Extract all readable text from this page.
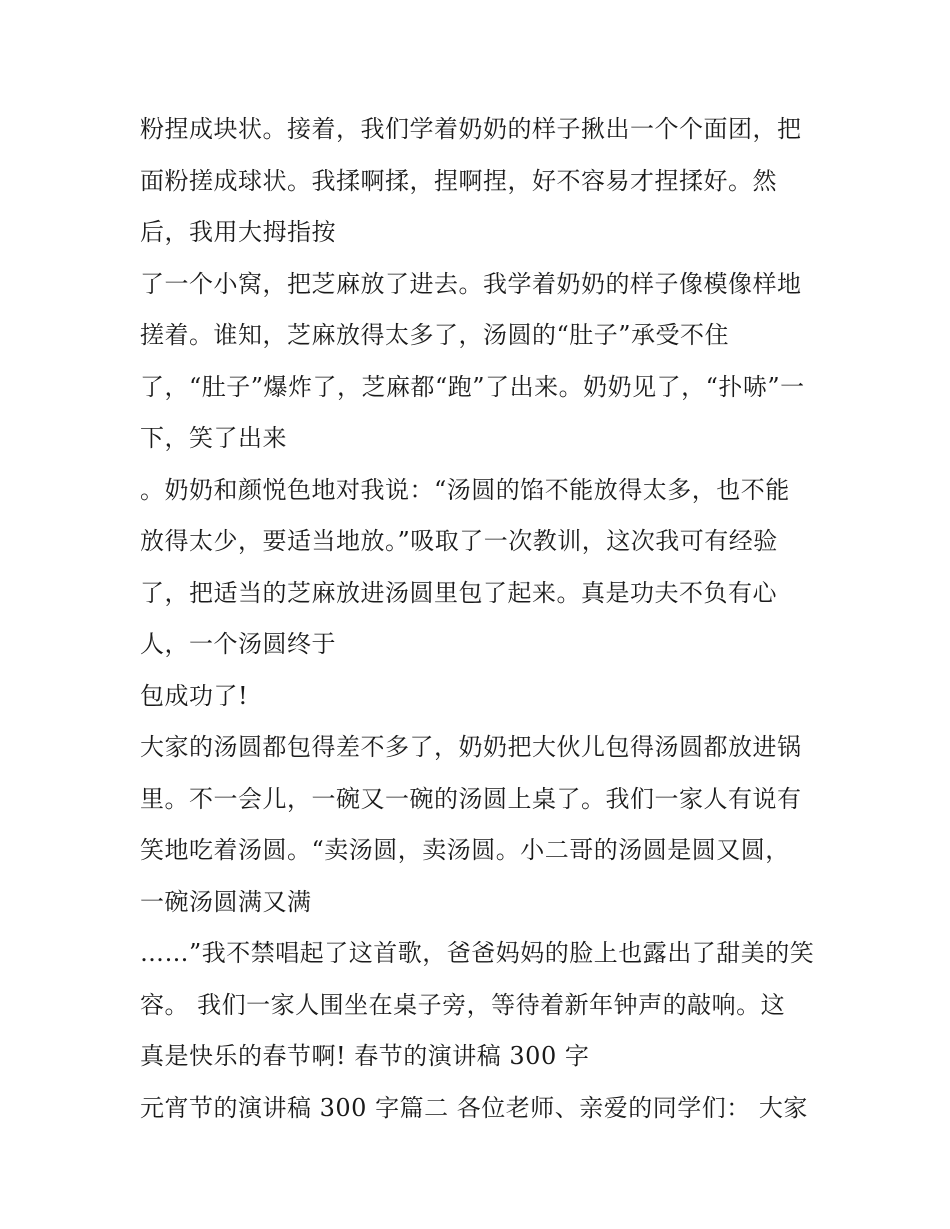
粉捏成块状。接着，我们学着奶奶的样子揪出一个个面团，把
面粉搓成球状。我揉啊揉，捏啊捏，好不容易才捏揉好。然
后，我用大拇指按
了一个小窝，把芝麻放了进去。我学着奶奶的样子像模像样地
搓着。谁知，芝麻放得太多了，汤圆的“肚子”承受不住
了，“肚子”爆炸了，芝麻都“跑”了出来。奶奶见了，“扑哧”一
下，笑了出来
。奶奶和颜悦色地对我说：“汤圆的馅不能放得太多，也不能
放得太少，要适当地放。”吸取了一次教训，这次我可有经验
了，把适当的芝麻放进汤圆里包了起来。真是功夫不负有心
人，一个汤圆终于
包成功了!
大家的汤圆都包得差不多了，奶奶把大伙儿包得汤圆都放进锅
里。不一会儿，一碗又一碗的汤圆上桌了。我们一家人有说有
笑地吃着汤圆。“卖汤圆，卖汤圆。小二哥的汤圆是圆又圆，
一碗汤圆满又满
……”我不禁唱起了这首歌，爸爸妈妈的脸上也露出了甜美的笑
容。 我们一家人围坐在桌子旁，等待着新年钟声的敲响。这
真是快乐的春节啊! 春节的演讲稿 300 字
元宵节的演讲稿 300 字篇二 各位老师、亲爱的同学们： 大家
